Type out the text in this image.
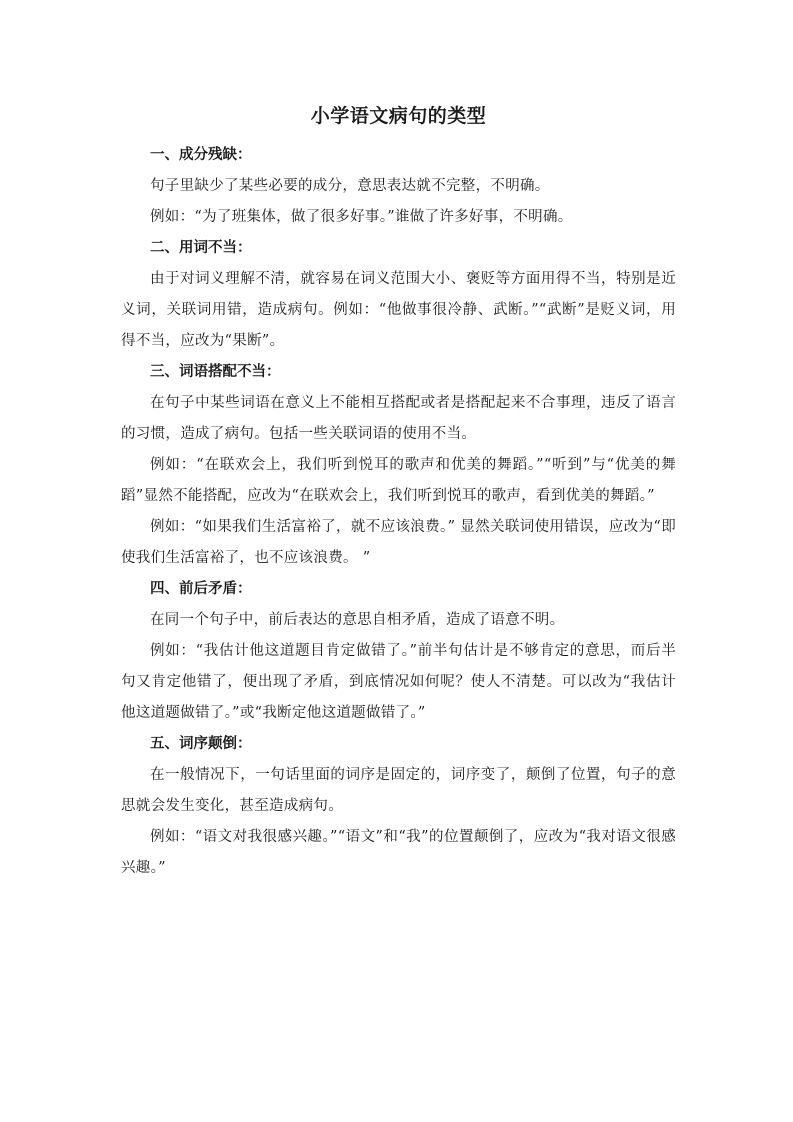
小学语文病句的类型

一、成分残缺：

句子里缺少了某些必要的成分，意思表达就不完整，不明确。

例如：“为了班集体，做了很多好事。”谁做了许多好事，不明确。

二、用词不当：

由于对词义理解不清，就容易在词义范围大小、褒贬等方面用得不当，特别是近义词，关联词用错，造成病句。例如：“他做事很冷静、武断。”“武断”是贬义词，用得不当，应改为“果断”。

三、词语搭配不当：

在句子中某些词语在意义上不能相互搭配或者是搭配起来不合事理，违反了语言的习惯，造成了病句。包括一些关联词语的使用不当。

例如：“在联欢会上，我们听到悦耳的歌声和优美的舞蹈。”“听到”与“优美的舞蹈”显然不能搭配，应改为“在联欢会上，我们听到悦耳的歌声，看到优美的舞蹈。”

例如：“如果我们生活富裕了，就不应该浪费。” 显然关联词使用错误，应改为“即使我们生活富裕了，也不应该浪费。 ”

四、前后矛盾：

在同一个句子中，前后表达的意思自相矛盾，造成了语意不明。

例如：“我估计他这道题目肯定做错了。”前半句估计是不够肯定的意思，而后半句又肯定他错了，便出现了矛盾，到底情况如何呢？使人不清楚。可以改为“我估计他这道题做错了。”或“我断定他这道题做错了。”

五、词序颠倒：

在一般情况下，一句话里面的词序是固定的，词序变了，颠倒了位置，句子的意思就会发生变化，甚至造成病句。

例如：“语文对我很感兴趣。”“语文”和“我”的位置颠倒了，应改为“我对语文很感兴趣。”
